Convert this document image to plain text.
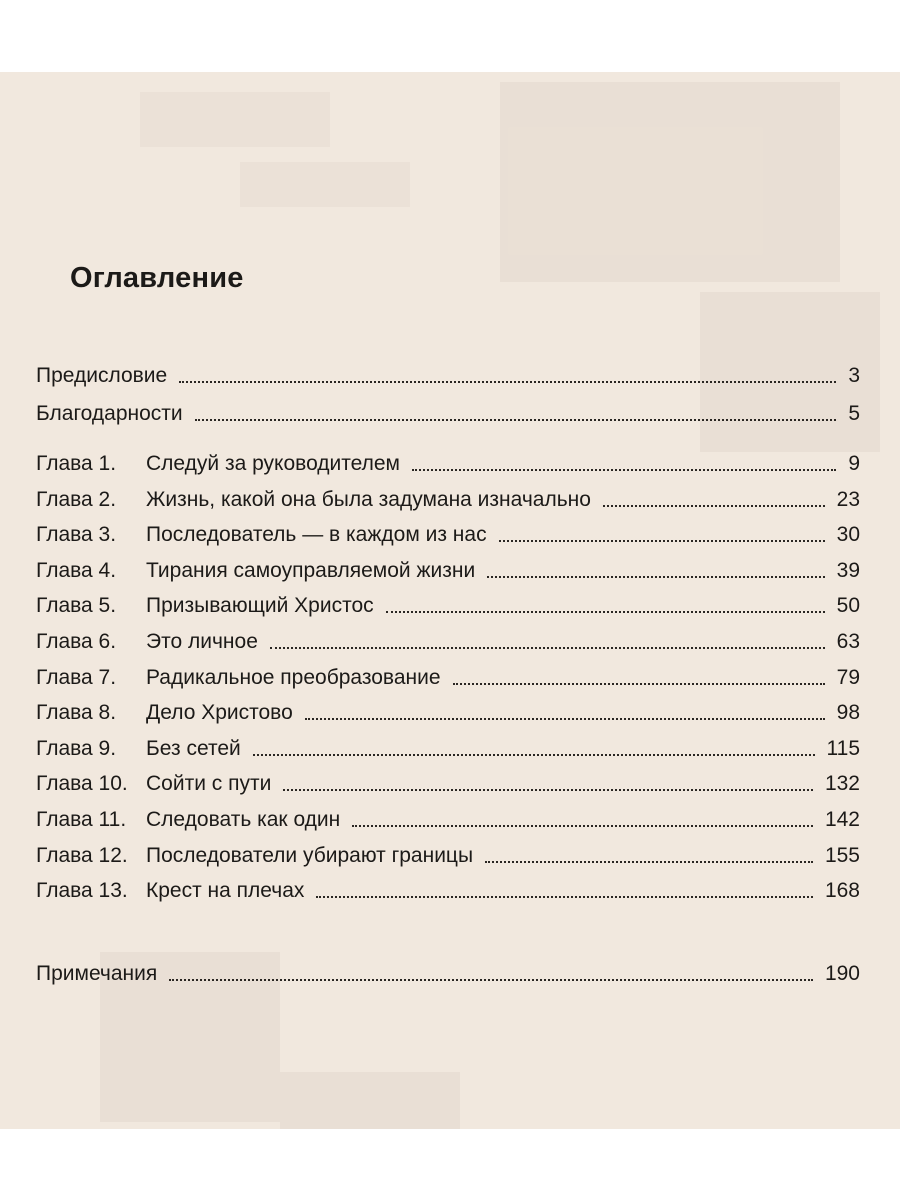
Оглавление
Предисловие	3
Благодарности	5
Глава 1. Следуй за руководителем	9
Глава 2. Жизнь, какой она была задумана изначально	23
Глава 3. Последователь — в каждом из нас	30
Глава 4. Тирания самоуправляемой жизни	39
Глава 5. Призывающий Христос	50
Глава 6. Это личное	63
Глава 7. Радикальное преобразование	79
Глава 8. Дело Христово	98
Глава 9. Без сетей	115
Глава 10. Сойти с пути	132
Глава 11. Следовать как один	142
Глава 12. Последователи убирают границы	155
Глава 13. Крест на плечах	168
Примечания	190
